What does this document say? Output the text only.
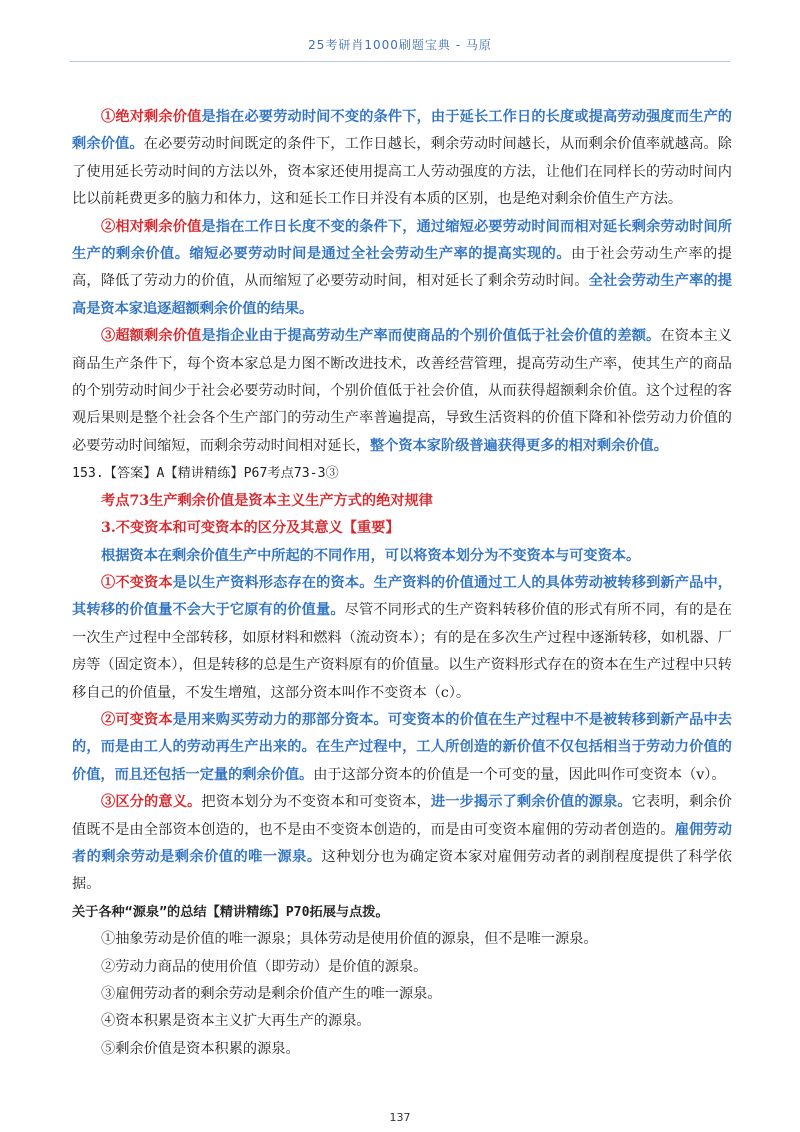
25考研肖1000刷题宝典 - 马原

①绝对剩余价值是指在必要劳动时间不变的条件下，由于延长工作日的长度或提高劳动强度而生产的剩余价值。在必要劳动时间既定的条件下，工作日越长，剩余劳动时间越长，从而剩余价值率就越高。除了使用延长劳动时间的方法以外，资本家还使用提高工人劳动强度的方法，让他们在同样长的劳动时间内比以前耗费更多的脑力和体力，这和延长工作日并没有本质的区别，也是绝对剩余价值生产方法。

②相对剩余价值是指在工作日长度不变的条件下，通过缩短必要劳动时间而相对延长剩余劳动时间所生产的剩余价值。缩短必要劳动时间是通过全社会劳动生产率的提高实现的。由于社会劳动生产率的提高，降低了劳动力的价值，从而缩短了必要劳动时间，相对延长了剩余劳动时间。全社会劳动生产率的提高是资本家追逐超额剩余价值的结果。

③超额剩余价值是指企业由于提高劳动生产率而使商品的个别价值低于社会价值的差额。在资本主义商品生产条件下，每个资本家总是力图不断改进技术，改善经营管理，提高劳动生产率，使其生产的商品的个别劳动时间少于社会必要劳动时间，个别价值低于社会价值，从而获得超额剩余价值。这个过程的客观后果则是整个社会各个生产部门的劳动生产率普遍提高，导致生活资料的价值下降和补偿劳动力价值的必要劳动时间缩短，而剩余劳动时间相对延长，整个资本家阶级普遍获得更多的相对剩余价值。

153.【答案】A【精讲精练】P67考点73-3③

考点73生产剩余价值是资本主义生产方式的绝对规律

3.不变资本和可变资本的区分及其意义【重要】

根据资本在剩余价值生产中所起的不同作用，可以将资本划分为不变资本与可变资本。

①不变资本是以生产资料形态存在的资本。生产资料的价值通过工人的具体劳动被转移到新产品中，其转移的价值量不会大于它原有的价值量。尽管不同形式的生产资料转移价值的形式有所不同，有的是在一次生产过程中全部转移，如原材料和燃料（流动资本）；有的是在多次生产过程中逐渐转移，如机器、厂房等（固定资本），但是转移的总是生产资料原有的价值量。以生产资料形式存在的资本在生产过程中只转移自己的价值量，不发生增殖，这部分资本叫作不变资本（c）。

②可变资本是用来购买劳动力的那部分资本。可变资本的价值在生产过程中不是被转移到新产品中去的，而是由工人的劳动再生产出来的。在生产过程中，工人所创造的新价值不仅包括相当于劳动力价值的价值，而且还包括一定量的剩余价值。由于这部分资本的价值是一个可变的量，因此叫作可变资本（v）。

③区分的意义。把资本划分为不变资本和可变资本，进一步揭示了剩余价值的源泉。它表明，剩余价值既不是由全部资本创造的，也不是由不变资本创造的，而是由可变资本雇佣的劳动者创造的。雇佣劳动者的剩余劳动是剩余价值的唯一源泉。这种划分也为确定资本家对雇佣劳动者的剥削程度提供了科学依据。

关于各种“源泉”的总结【精讲精练】P70拓展与点拨。

①抽象劳动是价值的唯一源泉；具体劳动是使用价值的源泉，但不是唯一源泉。

②劳动力商品的使用价值（即劳动）是价值的源泉。

③雇佣劳动者的剩余劳动是剩余价值产生的唯一源泉。

④资本积累是资本主义扩大再生产的源泉。

⑤剩余价值是资本积累的源泉。

137
